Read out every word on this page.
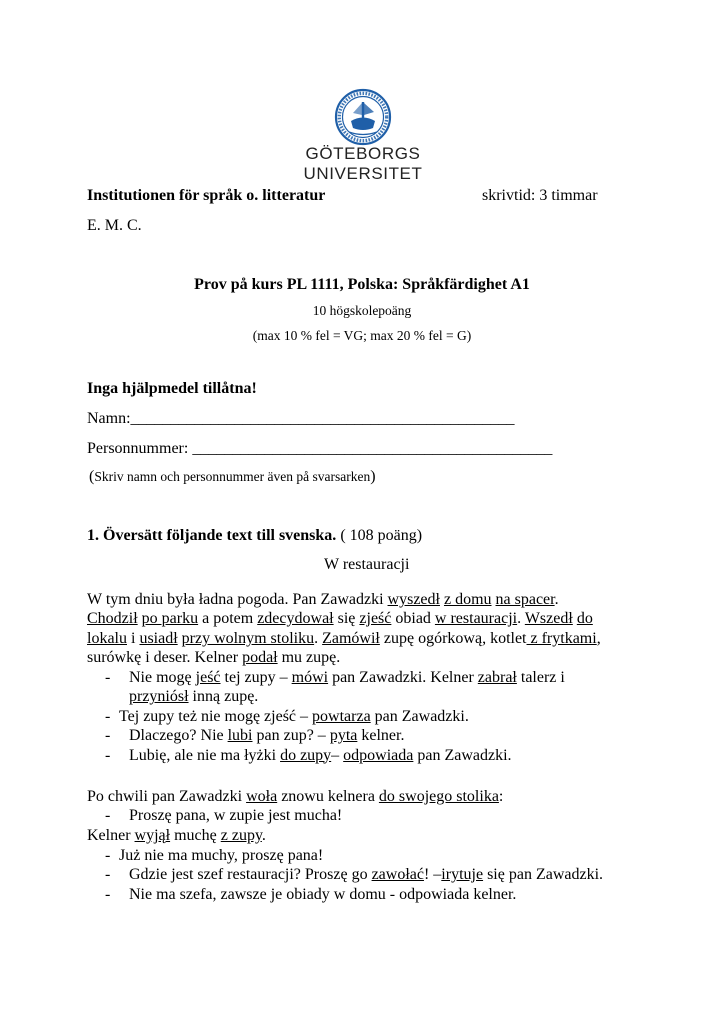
GÖTEBORGS UNIVERSITET
Institutionen för språk o. litteratur	skrivtid: 3 timmar
E. M. C.
Prov på kurs PL 1111, Polska: Språkfärdighet A1
10 högskolepoäng
(max 10 % fel = VG; max 20 % fel = G)
Inga hjälpmedel tillåtna!
Namn:________________________________________________
Personnummer: _____________________________________________
(Skriv namn och personnummer även på svarsarken)
1. Översätt följande text till svenska. ( 108 poäng)
W restauracji
W tym dniu była ładna pogoda. Pan Zawadzki wyszedł z domu na spacer.
Chodził po parku a potem zdecydował się zjeść obiad w restauracji. Wszedł do
lokalu i usiadł przy wolnym stoliku. Zamówił zupę ogórkową, kotlet z frytkami,
surówkę i deser. Kelner podał mu zupę.
- Nie mogę jeść tej zupy – mówi pan Zawadzki. Kelner zabrał talerz i
przyniósł inną zupę.
- Tej zupy też nie mogę zjeść – powtarza pan Zawadzki.
- Dlaczego? Nie lubi pan zup? – pyta kelner.
- Lubię, ale nie ma łyżki do zupy– odpowiada pan Zawadzki.
Po chwili pan Zawadzki woła znowu kelnera do swojego stolika:
- Proszę pana, w zupie jest mucha!
Kelner wyjął muchę z zupy.
- Już nie ma muchy, proszę pana!
- Gdzie jest szef restauracji? Proszę go zawołać! –irytuje się pan Zawadzki.
- Nie ma szefa, zawsze je obiady w domu - odpowiada kelner.
